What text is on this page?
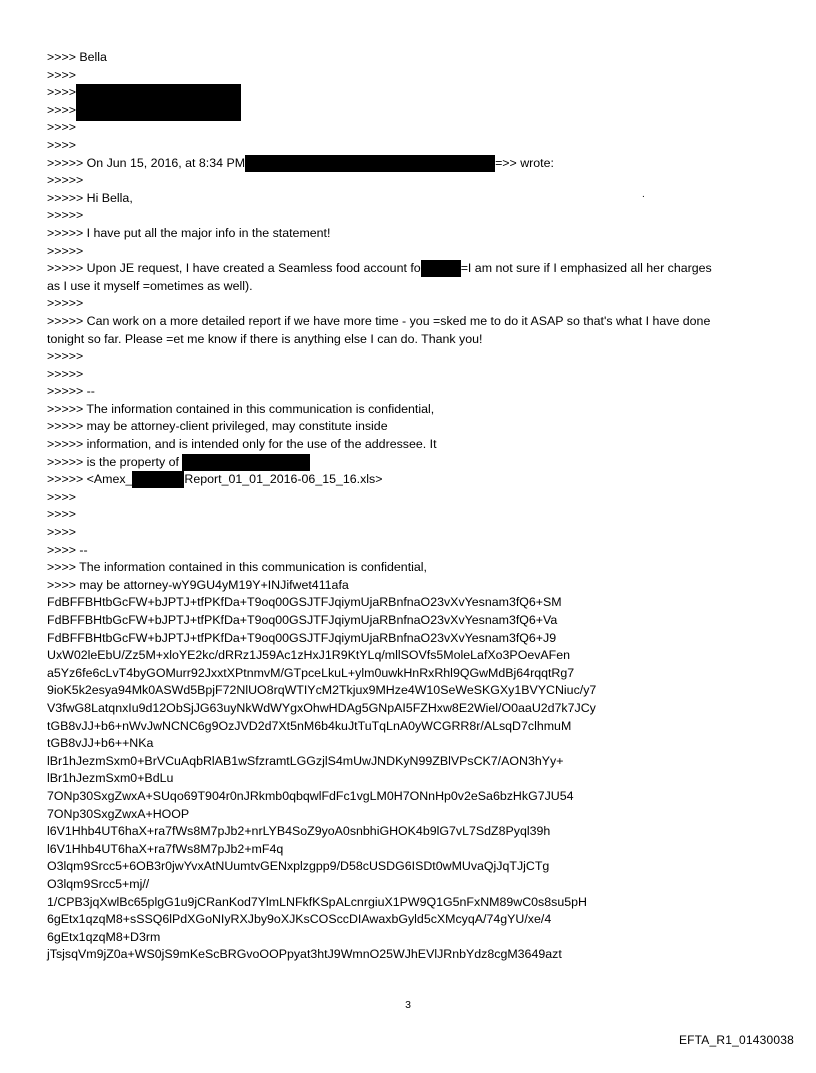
>>>> Bella
>>>>
>>>>
>>>>
>>>>
>>>>
>>>>> On Jun 15, 2016, at 8:34 PM	=>> wrote:
>>>>>
>>>>> Hi Bella,
>>>>>
>>>>> I have put all the major info in the statement!
>>>>>
>>>>> Upon JE request, I have created a Seamless food account fo	=I am not sure if I emphasized all her charges
as I use it myself =ometimes as well).
>>>>>
>>>>> Can work on a more detailed report if we have more time - you =sked me to do it ASAP so that's what I have done
tonight so far. Please =et me know if there is anything else I can do. Thank you!
>>>>>
>>>>>
>>>>> --
>>>>> The information contained in this communication is confidential,
>>>>> may be attorney-client privileged, may constitute inside
>>>>> information, and is intended only for the use of the addressee. It
>>>>> is the property of
>>>>> <Amex_	Report_01_01_2016-06_15_16.xls>
>>>>
>>>>
>>>>
>>>> --
>>>> The information contained in this communication is confidential,
>>>> may be attorney-wY9GU4yM19Y+INJifwet411afa
FdBFFBHtbGcFW+bJPTJ+tfPKfDa+T9oq00GSJTFJqiymUjaRBnfnaO23vXvYesnam3fQ6+SM
FdBFFBHtbGcFW+bJPTJ+tfPKfDa+T9oq00GSJTFJqiymUjaRBnfnaO23vXvYesnam3fQ6+Va
FdBFFBHtbGcFW+bJPTJ+tfPKfDa+T9oq00GSJTFJqiymUjaRBnfnaO23vXvYesnam3fQ6+J9
UxW02leEbU/Zz5M+xloYE2kc/dRRz1J59Ac1zHxJ1R9KtYLq/mllSOVfs5MoleLafXo3POevAFen
a5Yz6fe6cLvT4byGOMurr92JxxtXPtnmvM/GTpceLkuL+ylm0uwkHnRxRhl9QGwMdBj64rqqtRg7
9ioK5k2esya94Mk0ASWd5BpjF72NlUO8rqWTIYcM2Tkjux9MHze4W10SeWeSKGXy1BVYCNiuc/y7
V3fwG8LatqnxIu9d12ObSjJG63uyNkWdWYgxOhwHDAg5GNpAI5FZHxw8E2Wiel/O0aaU2d7k7JCy
tGB8vJJ+b6+nWvJwNCNC6g9OzJVD2d7Xt5nM6b4kuJtTuTqLnA0yWCGRR8r/ALsqD7clhmuM
tGB8vJJ+b6++NKa
lBr1hJezmSxm0+BrVCuAqbRlAB1wSfzramtLGGzjlS4mUwJNDKyN99ZBlVPsCK7/AON3hYy+
lBr1hJezmSxm0+BdLu
7ONp30SxgZwxA+SUqo69T904r0nJRkmb0qbqwlFdFc1vgLM0H7ONnHp0v2eSa6bzHkG7JU54
7ONp30SxgZwxA+HOOP
l6V1Hhb4UT6haX+ra7fWs8M7pJb2+nrLYB4SoZ9yoA0snbhiGHOK4b9lG7vL7SdZ8Pyql39h
l6V1Hhb4UT6haX+ra7fWs8M7pJb2+mF4q
O3lqm9Srcc5+6OB3r0jwYvxAtNUumtvGENxplzgpp9/D58cUSDG6ISDt0wMUvaQjJqTJjCTg
O3lqm9Srcc5+mj//
1/CPB3jqXwlBc65plgG1u9jCRanKod7YlmLNFkfKSpALcnrgiuX1PW9Q1G5nFxNM89wC0s8su5pH
6gEtx1qzqM8+sSSQ6lPdXGoNIyRXJby9oXJKsCOSccDIAwaxbGyld5cXMcyqA/74gYU/xe/4
6gEtx1qzqM8+D3rm
jTsjsqVm9jZ0a+WS0jS9mKeScBRGvoOOPpyat3htJ9WmnO25WJhEVlJRnbYdz8cgM3649azt
.
3
EFTA_R1_01430038
